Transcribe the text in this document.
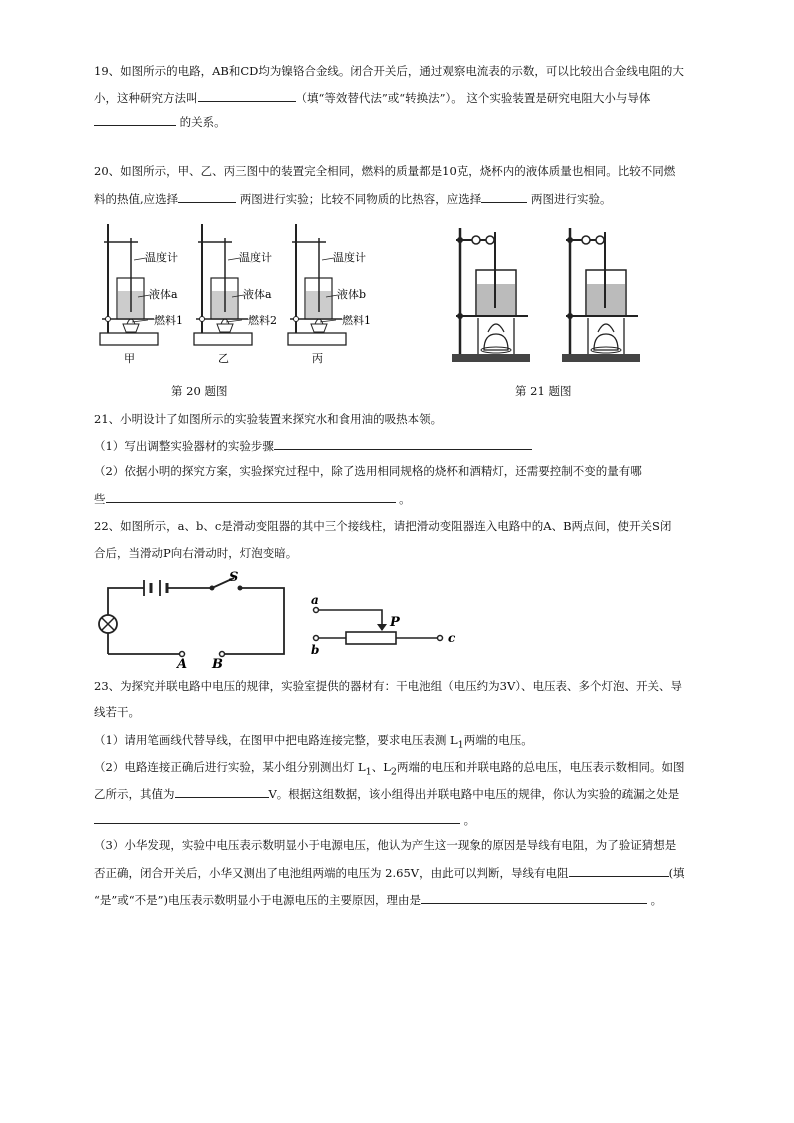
19、如图所示的电路，AB和CD均为镍铬合金线。闭合开关后，通过观察电流表的示数，可以比较出合金线电阻的大
小，这种研究方法叫	（填“等效替代法”或“转换法”）。 这个实验装置是研究电阻大小与导体
的关系。
20、如图所示，甲、乙、丙三图中的装置完全相同，燃料的质量都是10克，烧杯内的液体质量也相同。比较不同燃
料的热值,应选择	两图进行实验；比较不同物质的比热容，应选择	两图进行实验。
温度计
液体a
燃料1
甲
温度计
液体a
燃料2
乙
温度计
液体b
燃料1
丙
第 20 题图	第 21 题图
21、小明设计了如图所示的实验装置来探究水和食用油的吸热本领。
（1）写出调整实验器材的实验步骤
（2）依据小明的探究方案，实验探究过程中，除了选用相同规格的烧杯和酒精灯，还需要控制不变的量有哪
些	。
22、如图所示，a、b、c是滑动变阻器的其中三个接线柱，请把滑动变阻器连入电路中的A、B两点间，使开关S闭
合后，当滑动P向右滑动时，灯泡变暗。
S
A B
a
b
c
P
23、为探究并联电路中电压的规律，实验室提供的器材有：干电池组（电压约为3V）、电压表、多个灯泡、开关、导
线若干。
（1）请用笔画线代替导线，在图甲中把电路连接完整，要求电压表测 $L_1$两端的电压。
（2）电路连接正确后进行实验，某小组分别测出灯 $L_1$、$L_2$两端的电压和并联电路的总电压，电压表示数相同。如图
乙所示，其值为	V。根据这组数据，该小组得出并联电路中电压的规律，你认为实验的疏漏之处是
。
（3）小华发现，实验中电压表示数明显小于电源电压，他认为产生这一现象的原因是导线有电阻，为了验证猜想是
否正确，闭合开关后，小华又测出了电池组两端的电压为 2.65V，由此可以判断，导线有电阻	(填
“是”或“不是”)电压表示数明显小于电源电压的主要原因，理由是	。
